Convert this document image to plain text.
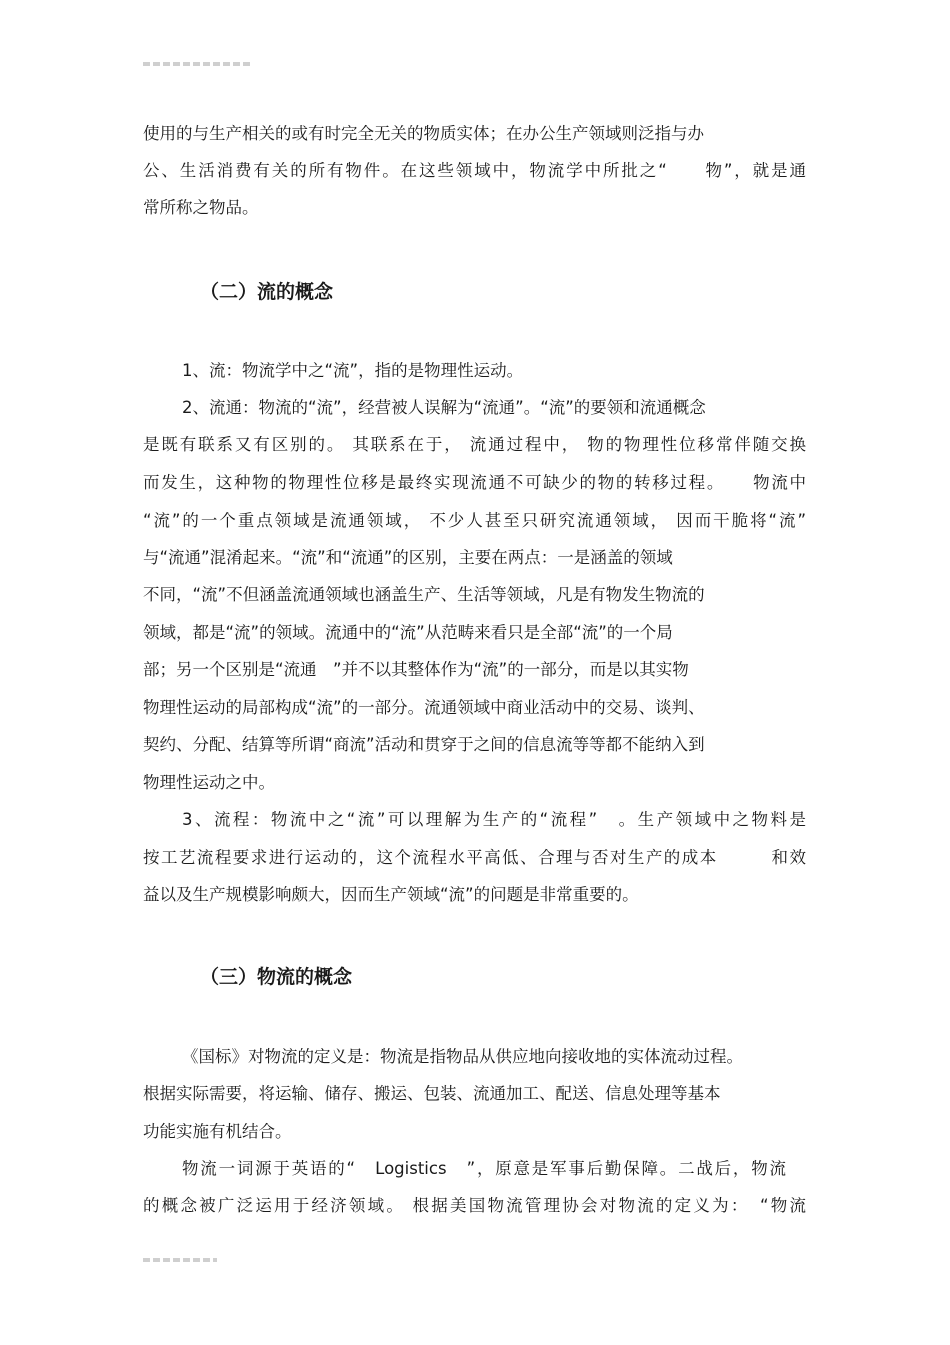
使用的与生产相关的或有时完全无关的物质实体；在办公生产领域则泛指与办

公、生活消费有关的所有物件。在这些领域中，物流学中所批之“　　物”，就是通

常所称之物品。

（二）流的概念

1、流：物流学中之“流”，指的是物理性运动。

2、流通：物流的“流”，经营被人误解为“流通”。“流”的要领和流通概念

是既有联系又有区别的。 其联系在于， 流通过程中， 物的物理性位移常伴随交换

而发生，这种物的物理性位移是最终实现流通不可缺少的物的转移过程。　　物流中

“流”的一个重点领域是流通领域， 不少人甚至只研究流通领域， 因而干脆将“流”

与“流通”混淆起来。“流”和“流通”的区别，主要在两点：一是涵盖的领域

不同，“流”不但涵盖流通领域也涵盖生产、生活等领域，凡是有物发生物流的

领域，都是“流”的领域。流通中的“流”从范畴来看只是全部“流”的一个局

部；另一个区别是“流通　”并不以其整体作为“流”的一部分，而是以其实物

物理性运动的局部构成“流”的一部分。流通领域中商业活动中的交易、谈判、

契约、分配、结算等所谓“商流”活动和贯穿于之间的信息流等等都不能纳入到

物理性运动之中。

3、流程：物流中之“流”可以理解为生产的“流程”　。生产领域中之物料是

按工艺流程要求进行运动的，这个流程水平高低、合理与否对生产的成本　　　和效

益以及生产规模影响颇大，因而生产领域“流”的问题是非常重要的。

（三）物流的概念

《国标》对物流的定义是：物流是指物品从供应地向接收地的实体流动过程。

根据实际需要，将运输、储存、搬运、包装、流通加工、配送、信息处理等基本

功能实施有机结合。

物流一词源于英语的“　Logistics　”，原意是军事后勤保障。二战后，物流

的概念被广泛运用于经济领域。 根据美国物流管理协会对物流的定义为：　“物流
